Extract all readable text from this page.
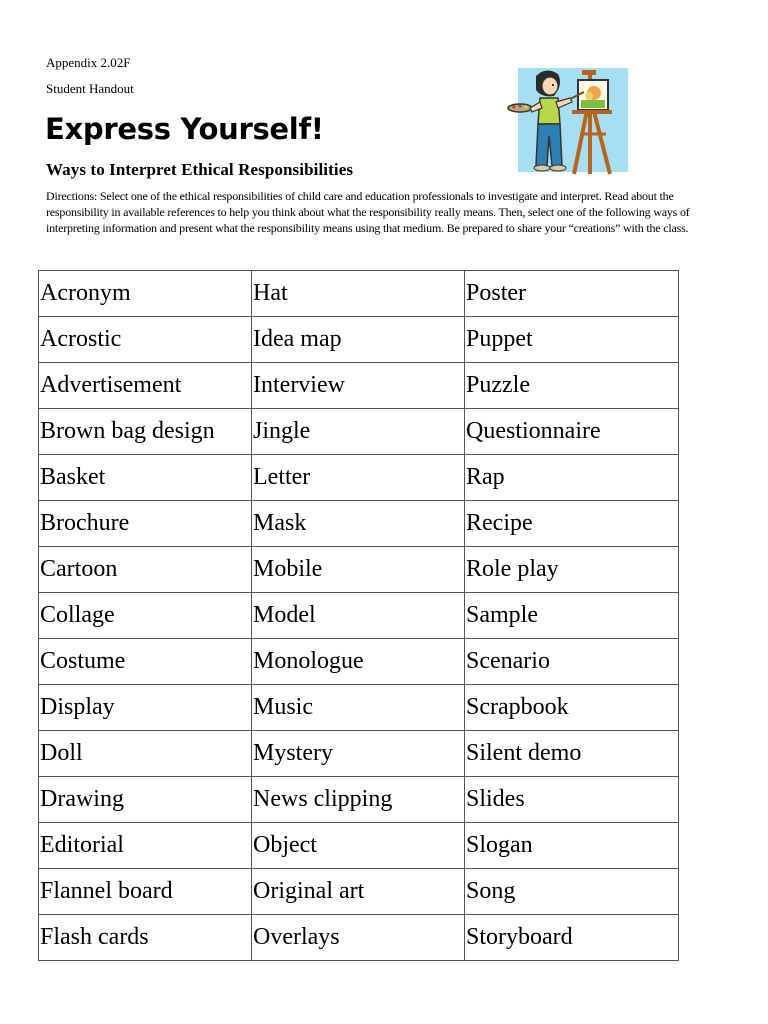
Appendix 2.02F
Student Handout
Express Yourself!
Ways to Interpret Ethical Responsibilities
Directions: Select one of the ethical responsibilities of child care and education professionals to investigate and interpret. Read about the responsibility in available references to help you think about what the responsibility really means. Then, select one of the following ways of interpreting information and present what the responsibility means using that medium. Be prepared to share your “creations” with the class.
Acronym	Hat	Poster
Acrostic	Idea map	Puppet
Advertisement	Interview	Puzzle
Brown bag design	Jingle	Questionnaire
Basket	Letter	Rap
Brochure	Mask	Recipe
Cartoon	Mobile	Role play
Collage	Model	Sample
Costume	Monologue	Scenario
Display	Music	Scrapbook
Doll	Mystery	Silent demo
Drawing	News clipping	Slides
Editorial	Object	Slogan
Flannel board	Original art	Song
Flash cards	Overlays	Storyboard
